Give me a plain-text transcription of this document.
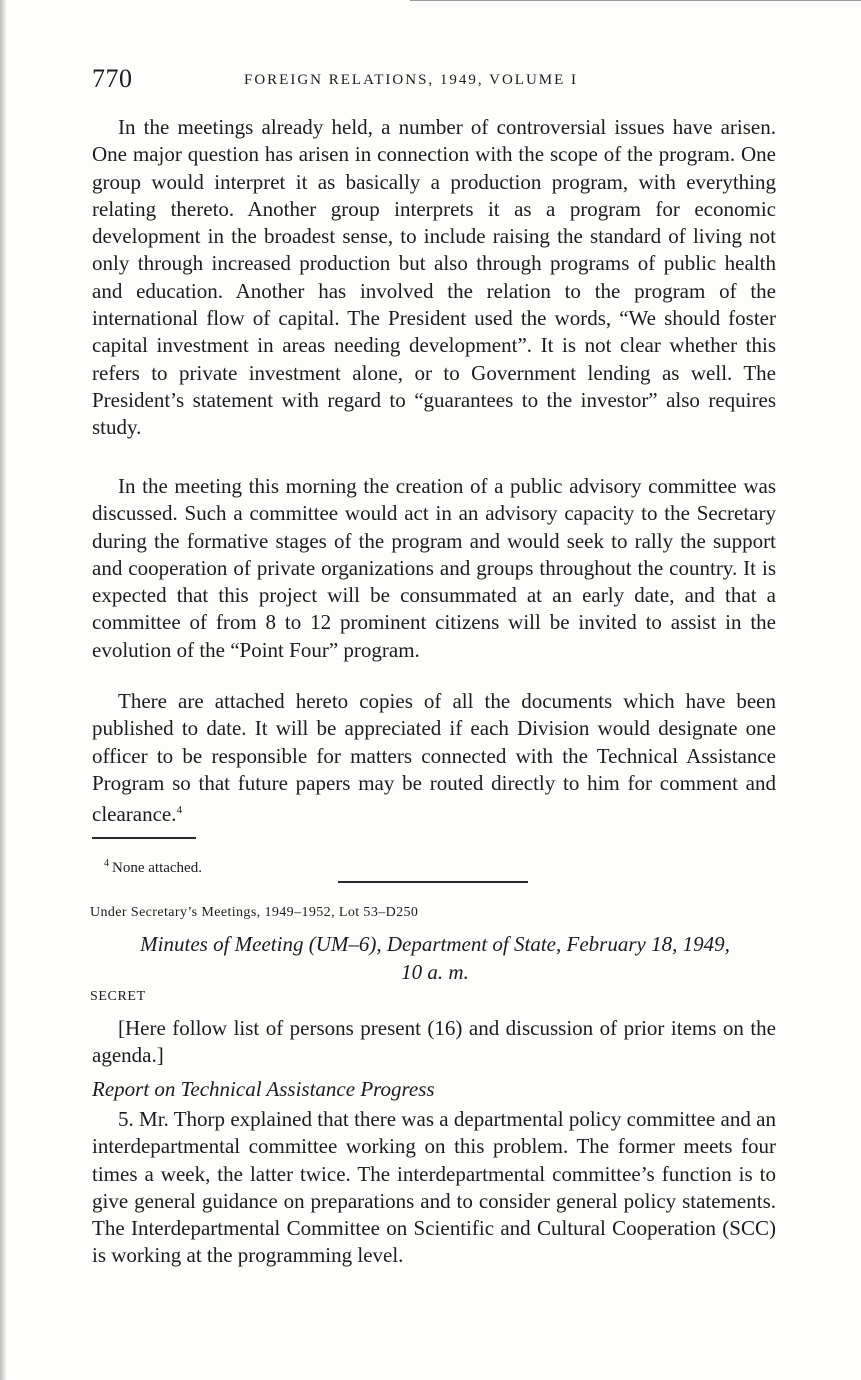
770	FOREIGN RELATIONS, 1949, VOLUME I

In the meetings already held, a number of controversial issues have arisen. One major question has arisen in connection with the scope of the program. One group would interpret it as basically a production program, with everything relating thereto. Another group interprets it as a program for economic development in the broadest sense, to include raising the standard of living not only through increased production but also through programs of public health and education. Another has involved the relation to the program of the international flow of capital. The President used the words, “We should foster capital investment in areas needing development”. It is not clear whether this refers to private investment alone, or to Government lending as well. The President’s statement with regard to “guarantees to the investor” also requires study.

In the meeting this morning the creation of a public advisory committee was discussed. Such a committee would act in an advisory capacity to the Secretary during the formative stages of the program and would seek to rally the support and cooperation of private organizations and groups throughout the country. It is expected that this project will be consummated at an early date, and that a committee of from 8 to 12 prominent citizens will be invited to assist in the evolution of the “Point Four” program.

There are attached hereto copies of all the documents which have been published to date. It will be appreciated if each Division would designate one officer to be responsible for matters connected with the Technical Assistance Program so that future papers may be routed directly to him for comment and clearance.$^4$

$^4$ None attached.

Under Secretary’s Meetings, 1949–1952, Lot 53–D250

Minutes of Meeting (UM–6), Department of State, February 18, 1949,
10 a. m.

SECRET

[Here follow list of persons present (16) and discussion of prior items on the agenda.]

Report on Technical Assistance Progress

5. Mr. Thorp explained that there was a departmental policy committee and an interdepartmental committee working on this problem. The former meets four times a week, the latter twice. The interdepartmental committee’s function is to give general guidance on preparations and to consider general policy statements. The Interdepartmental Committee on Scientific and Cultural Cooperation (SCC) is working at the programming level.
